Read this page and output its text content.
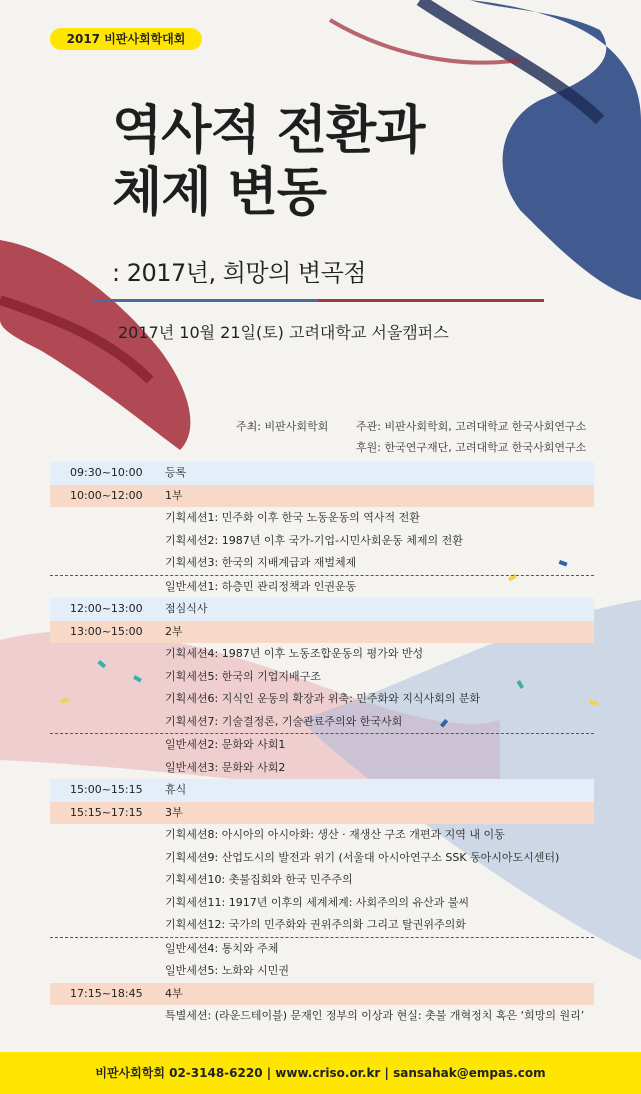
2017 비판사회학대회
역사적 전환과
체제 변동
: 2017년, 희망의 변곡점
2017년 10월 21일(토) 고려대학교 서울캠퍼스
주최: 비판사회학회	주관: 비판사회학회, 고려대학교 한국사회연구소
후원: 한국연구재단, 고려대학교 한국사회연구소
09:30~10:00 등록
10:00~12:00 1부
기획세션1: 민주화 이후 한국 노동운동의 역사적 전환
기획세션2: 1987년 이후 국가-기업-시민사회운동 체제의 전환
기획세션3: 한국의 지배계급과 재벌체제
일반세션1: 하층민 관리정책과 인권운동
12:00~13:00 점심식사
13:00~15:00 2부
기획세션4: 1987년 이후 노동조합운동의 평가와 반성
기획세션5: 한국의 기업지배구조
기획세션6: 지식인 운동의 확장과 위축: 민주화와 지식사회의 분화
기획세션7: 기술결정론, 기술관료주의와 한국사회
일반세션2: 문화와 사회1
일반세션3: 문화와 사회2
15:00~15:15 휴식
15:15~17:15 3부
기획세션8: 아시아의 아시아화: 생산 · 재생산 구조 개편과 지역 내 이동
기획세션9: 산업도시의 발전과 위기 (서울대 아시아연구소 SSK 동아시아도시센터)
기획세션10: 촛불집회와 한국 민주주의
기획세션11: 1917년 이후의 세계체계: 사회주의의 유산과 불씨
기획세션12: 국가의 민주화와 권위주의화 그리고 탈권위주의화
일반세션4: 통치와 주체
일반세션5: 노화와 시민권
17:15~18:45 4부
특별세션: (라운드테이블) 문재인 정부의 이상과 현실: 촛불 개혁정치 혹은 ‘희망의 원리’
비판사회학회 02-3148-6220 | www.criso.or.kr | sansahak@empas.com
